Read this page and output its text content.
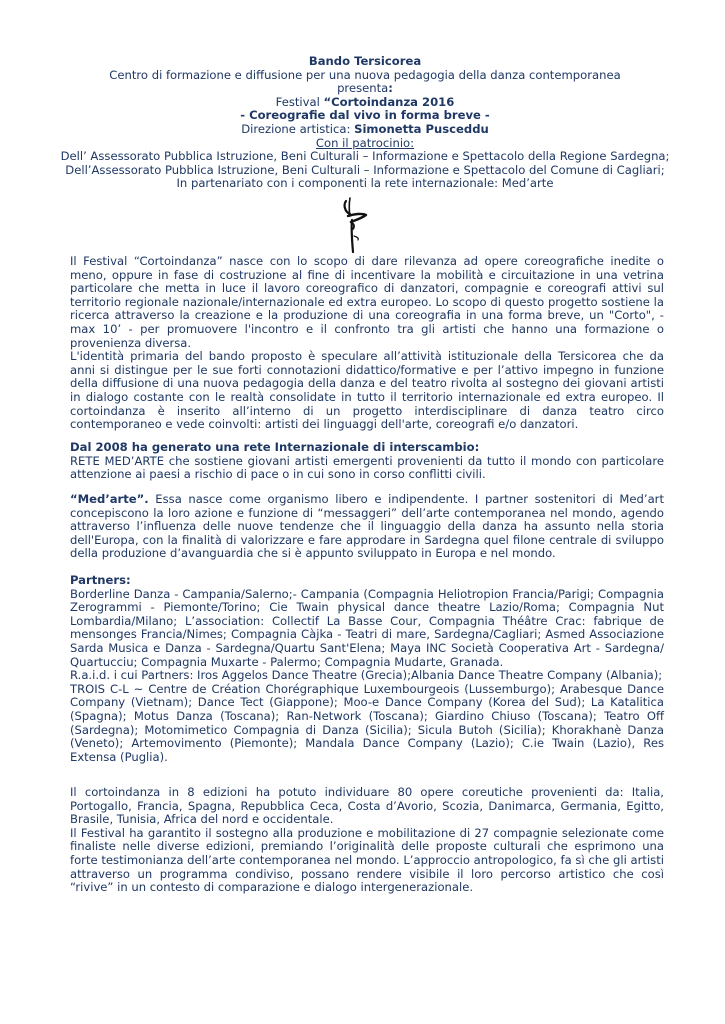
Bando Tersicorea
Centro di formazione e diffusione per una nuova pedagogia della danza contemporanea
presenta:
Festival “Cortoindanza 2016
- Coreografie dal vivo in forma breve -
Direzione artistica: Simonetta Pusceddu
Con il patrocinio:
Dell’ Assessorato Pubblica Istruzione, Beni Culturali – Informazione e Spettacolo della Regione Sardegna;
Dell’Assessorato Pubblica Istruzione, Beni Culturali – Informazione e Spettacolo del Comune di Cagliari;
In partenariato con i componenti la rete internazionale: Med’arte

Il Festival “Cortoindanza” nasce con lo scopo di dare rilevanza ad opere coreografiche inedite o meno, oppure in fase di costruzione al fine di incentivare la mobilità e circuitazione in una vetrina particolare che metta in luce il lavoro coreografico di danzatori, compagnie e coreografi attivi sul territorio regionale nazionale/internazionale ed extra europeo. Lo scopo di questo progetto sostiene la ricerca attraverso la creazione e la produzione di una coreografia in una forma breve, un "Corto", - max 10’ - per promuovere l'incontro e il confronto tra gli artisti che hanno una formazione o provenienza diversa.

L'identità primaria del bando proposto è speculare all’attività istituzionale della Tersicorea che da anni si distingue per le sue forti connotazioni didattico/formative e per l’attivo impegno in funzione della diffusione di una nuova pedagogia della danza e del teatro rivolta al sostegno dei giovani artisti in dialogo costante con le realtà consolidate in tutto il territorio internazionale ed extra europeo. Il cortoindanza è inserito all’interno di un progetto interdisciplinare di danza teatro circo contemporaneo e vede coinvolti: artisti dei linguaggi dell'arte, coreografi e/o danzatori.

Dal 2008 ha generato una rete Internazionale di interscambio:

RETE MED’ARTE che sostiene giovani artisti emergenti provenienti da tutto il mondo con particolare attenzione ai paesi a rischio di pace o in cui sono in corso conflitti civili.

“Med’arte”. Essa nasce come organismo libero e indipendente. I partner sostenitori di Med’art concepiscono la loro azione e funzione di “messaggeri” dell’arte contemporanea nel mondo, agendo attraverso l’influenza delle nuove tendenze che il linguaggio della danza ha assunto nella storia dell'Europa, con la finalità di valorizzare e fare approdare in Sardegna quel filone centrale di sviluppo della produzione d’avanguardia che si è appunto sviluppato in Europa e nel mondo.

Partners:

Borderline Danza - Campania/Salerno;- Campania (Compagnia Heliotropion Francia/Parigi; Compagnia Zerogrammi - Piemonte/Torino; Cie Twain physical dance theatre Lazio/Roma; Compagnia Nut Lombardia/Milano; L’association: Collectif La Basse Cour, Compagnia Théâtre Crac: fabrique de mensonges Francia/Nimes; Compagnia Càjka - Teatri di mare, Sardegna/Cagliari; Asmed Associazione Sarda Musica e Danza - Sardegna/Quartu Sant'Elena; Maya INC Società Cooperativa Art - Sardegna/ Quartucciu; Compagnia Muxarte - Palermo; Compagnia Mudarte, Granada.

R.a.i.d. i cui Partners: Iros Aggelos Dance Theatre (Grecia);Albania Dance Theatre Company (Albania);

TROIS C-L ~ Centre de Création Chorégraphique Luxembourgeois (Lussemburgo); Arabesque Dance Company (Vietnam); Dance Tect (Giappone); Moo-e Dance Company (Korea del Sud); La Katalitica (Spagna); Motus Danza (Toscana); Ran-Network (Toscana); Giardino Chiuso (Toscana); Teatro Off (Sardegna); Motomimetico Compagnia di Danza (Sicilia); Sicula Butoh (Sicilia); Khorakhanè Danza (Veneto); Artemovimento (Piemonte); Mandala Dance Company (Lazio); C.ie Twain (Lazio), Res Extensa (Puglia).

Il cortoindanza in 8 edizioni ha potuto individuare 80 opere coreutiche provenienti da: Italia, Portogallo, Francia, Spagna, Repubblica Ceca, Costa d’Avorio, Scozia, Danimarca, Germania, Egitto, Brasile, Tunisia, Africa del nord e occidentale.

Il Festival ha garantito il sostegno alla produzione e mobilitazione di 27 compagnie selezionate come finaliste nelle diverse edizioni, premiando l’originalità delle proposte culturali che esprimono una forte testimonianza dell’arte contemporanea nel mondo. L’approccio antropologico, fa sì che gli artisti attraverso un programma condiviso, possano rendere visibile il loro percorso artistico che così “rivive” in un contesto di comparazione e dialogo intergenerazionale.
